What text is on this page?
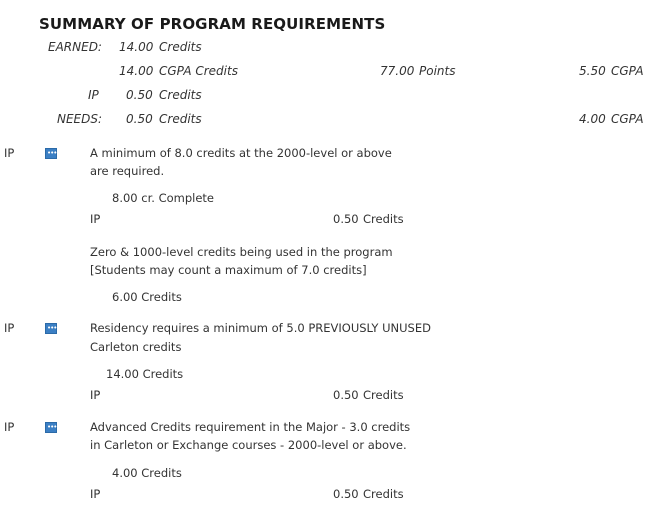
SUMMARY OF PROGRAM REQUIREMENTS
EARNED: 14.00 Credits
14.00 CGPA Credits	77.00 Points	5.50 CGPA
IP 0.50 Credits
NEEDS: 0.50 Credits	4.00 CGPA
IP	•••	A minimum of 8.0 credits at the 2000-level or above
are required.
8.00 cr. Complete
IP	0.50 Credits
Zero & 1000-level credits being used in the program
[Students may count a maximum of 7.0 credits]
6.00 Credits
IP	•••	Residency requires a minimum of 5.0 PREVIOUSLY UNUSED
Carleton credits
14.00 Credits
IP	0.50 Credits
IP	•••	Advanced Credits requirement in the Major - 3.0 credits
in Carleton or Exchange courses - 2000-level or above.
4.00 Credits
IP	0.50 Credits
